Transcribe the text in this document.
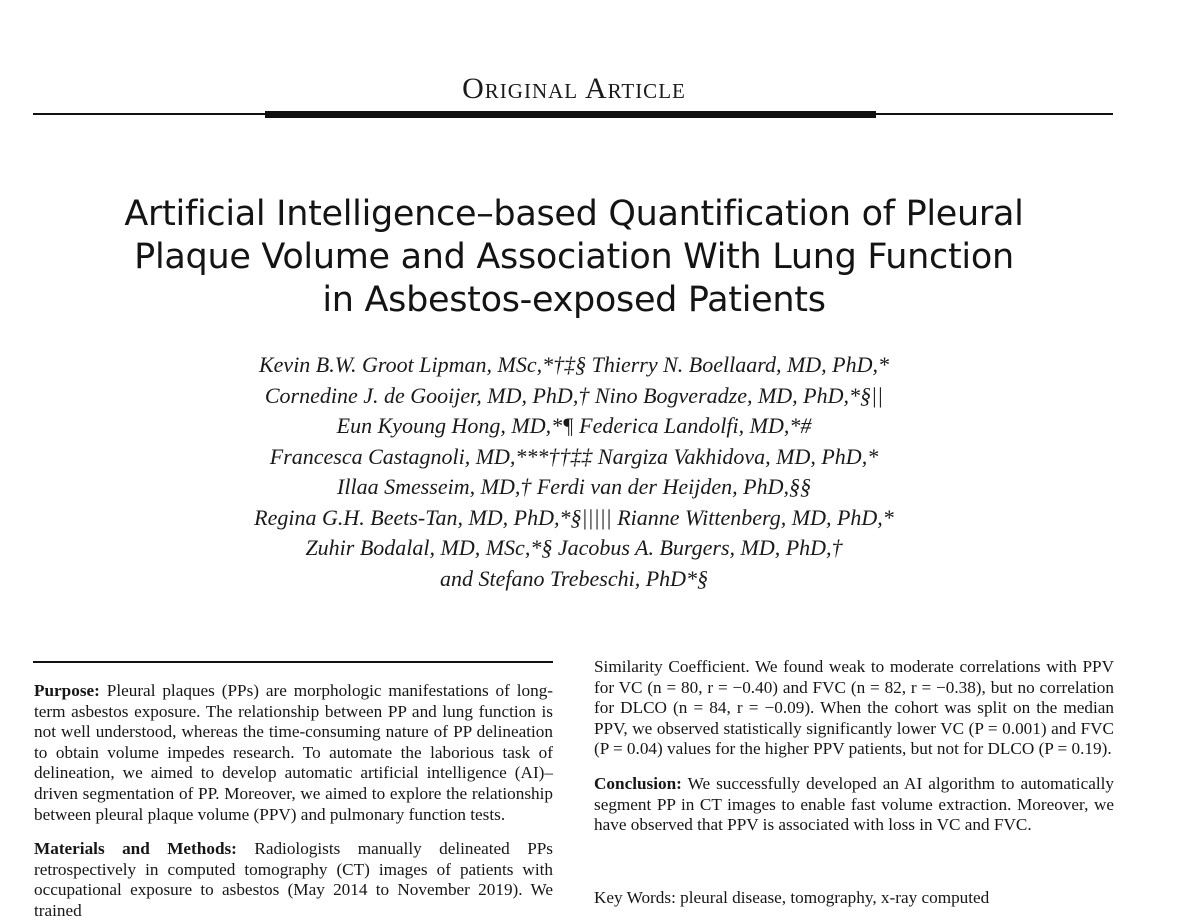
Original Article
Artificial Intelligence–based Quantification of Pleural
Plaque Volume and Association With Lung Function
in Asbestos-exposed Patients
Kevin B.W. Groot Lipman, MSc,*†‡§ Thierry N. Boellaard, MD, PhD,*
Cornedine J. de Gooijer, MD, PhD,† Nino Bogveradze, MD, PhD,*§||
Eun Kyoung Hong, MD,*¶ Federica Landolfi, MD,*#
Francesca Castagnoli, MD,***††‡‡ Nargiza Vakhidova, MD, PhD,*
Illaa Smesseim, MD,† Ferdi van der Heijden, PhD,§§
Regina G.H. Beets-Tan, MD, PhD,*§||||| Rianne Wittenberg, MD, PhD,*
Zuhir Bodalal, MD, MSc,*§ Jacobus A. Burgers, MD, PhD,†
and Stefano Trebeschi, PhD*§

Purpose: Pleural plaques (PPs) are morphologic manifestations of long-term asbestos exposure. The relationship between PP and lung function is not well understood, whereas the time-consuming nature of PP delineation to obtain volume impedes research. To automate the laborious task of delineation, we aimed to develop automatic artificial intelligence (AI)–driven segmentation of PP. Moreover, we aimed to explore the relationship between pleural plaque volume (PPV) and pulmonary function tests.

Materials and Methods: Radiologists manually delineated PPs retrospectively in computed tomography (CT) images of patients with occupational exposure to asbestos (May 2014 to November 2019). We trained

Similarity Coefficient. We found weak to moderate correlations with PPV for VC (n = 80, r = −0.40) and FVC (n = 82, r = −0.38), but no correlation for DLCO (n = 84, r = −0.09). When the cohort was split on the median PPV, we observed statistically significantly lower VC (P = 0.001) and FVC (P = 0.04) values for the higher PPV patients, but not for DLCO (P = 0.19).

Conclusion: We successfully developed an AI algorithm to automatically segment PP in CT images to enable fast volume extraction. Moreover, we have observed that PPV is associated with loss in VC and FVC.

Key Words: pleural disease, tomography, x-ray computed
